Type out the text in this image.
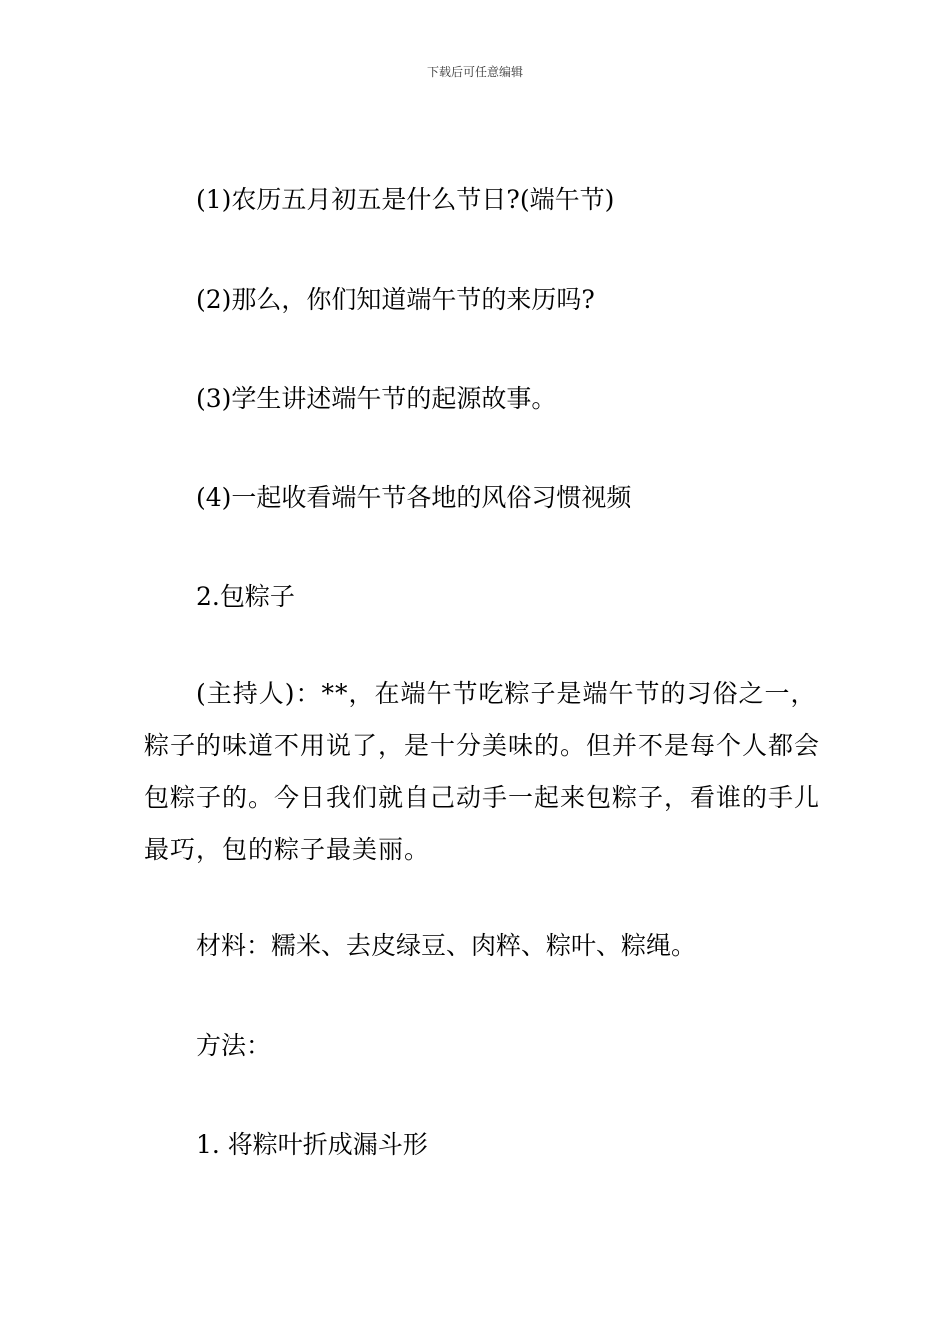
下载后可任意编辑
(1)农历五月初五是什么节日?(端午节)
(2)那么，你们知道端午节的来历吗?
(3)学生讲述端午节的起源故事。
(4)一起收看端午节各地的风俗习惯视频
2.包粽子
(主持人)：**，在端午节吃粽子是端午节的习俗之一，粽子的味道不用说了，是十分美味的。但并不是每个人都会包粽子的。今日我们就自己动手一起来包粽子，看谁的手儿最巧，包的粽子最美丽。
材料：糯米、去皮绿豆、肉粹、粽叶、粽绳。
方法：
1. 将粽叶折成漏斗形
